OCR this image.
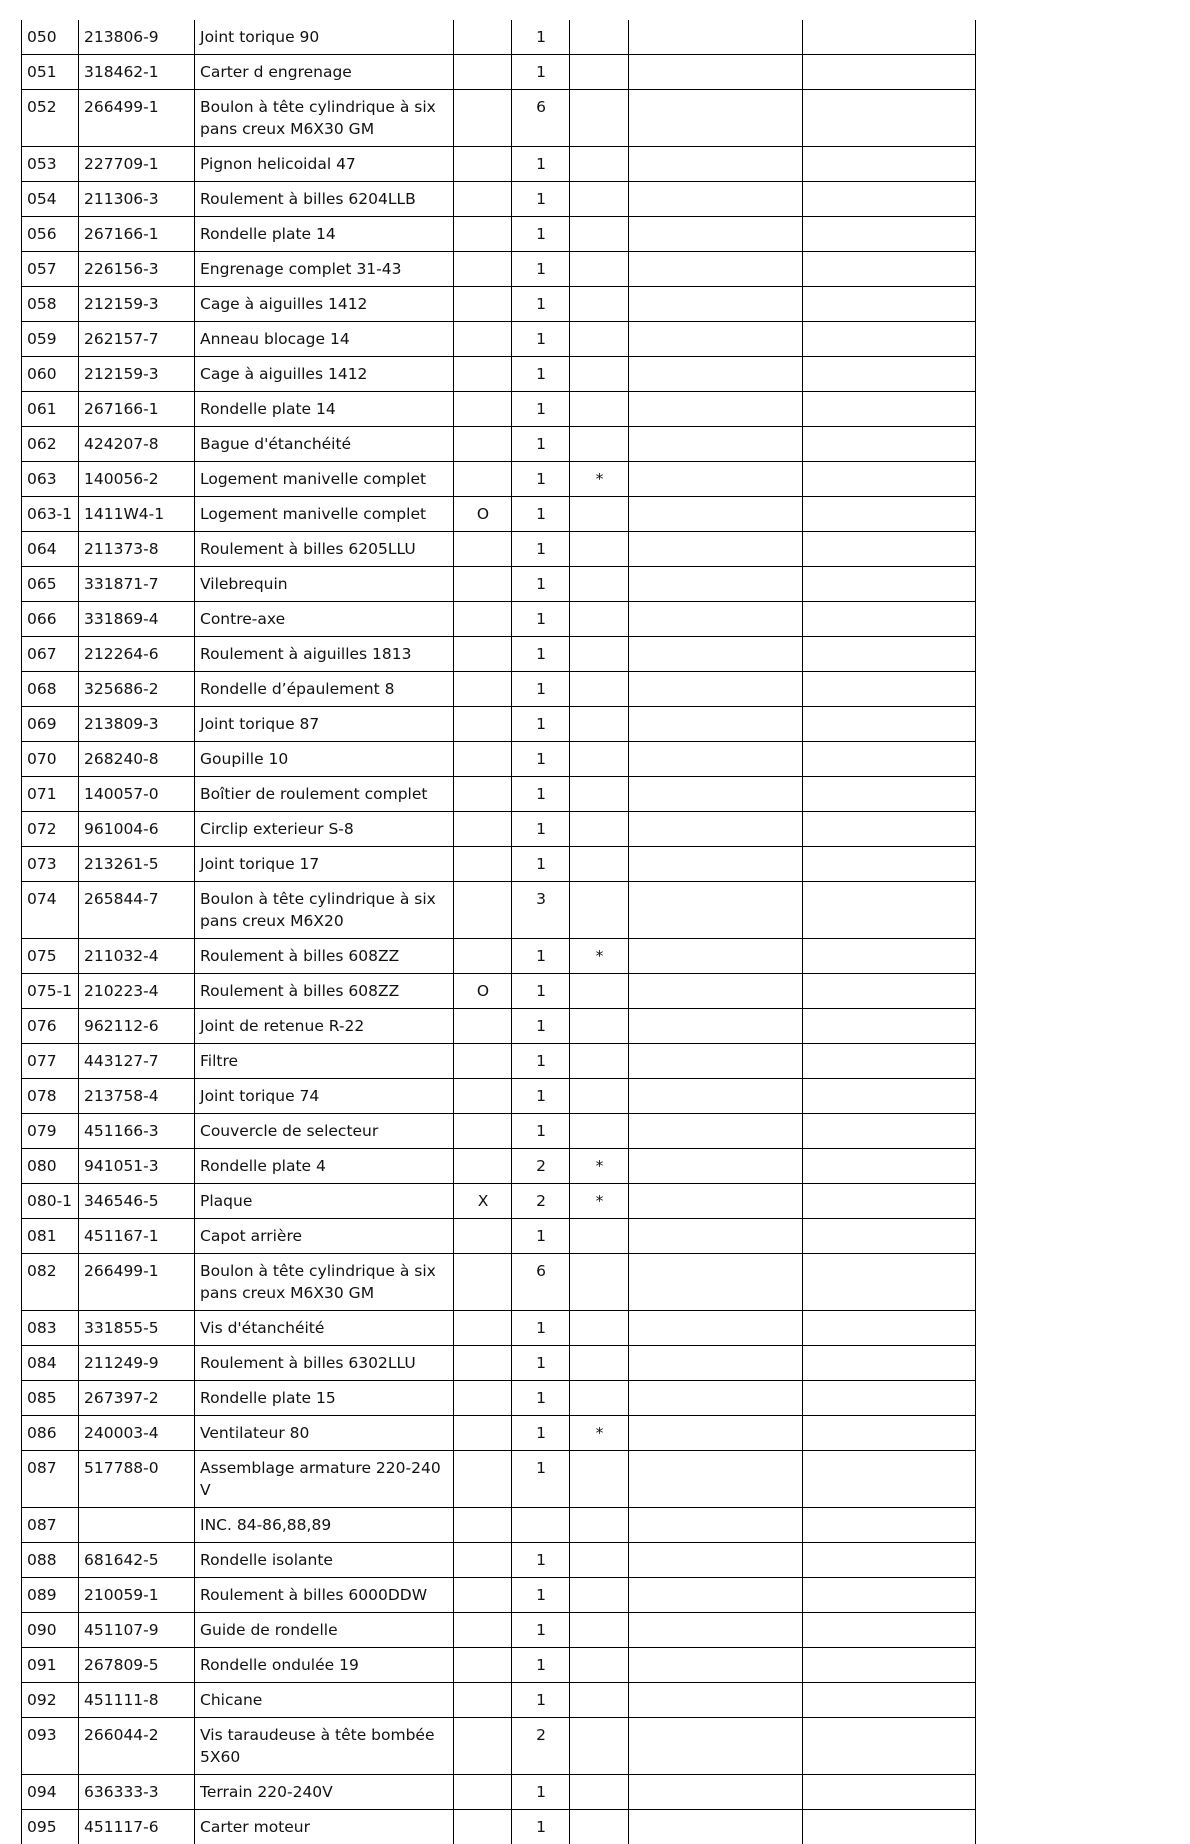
050	213806-9	Joint torique 90		1			
051	318462-1	Carter d engrenage		1			
052	266499-1	Boulon à tête cylindrique à six pans creux M6X30 GM		6			
053	227709-1	Pignon helicoidal 47		1			
054	211306-3	Roulement à billes 6204LLB		1			
056	267166-1	Rondelle plate 14		1			
057	226156-3	Engrenage complet 31-43		1			
058	212159-3	Cage à aiguilles 1412		1			
059	262157-7	Anneau blocage 14		1			
060	212159-3	Cage à aiguilles 1412		1			
061	267166-1	Rondelle plate 14		1			
062	424207-8	Bague d'étanchéité		1			
063	140056-2	Logement manivelle complet		1	*		
063-1	1411W4-1	Logement manivelle complet	O	1			
064	211373-8	Roulement à billes 6205LLU		1			
065	331871-7	Vilebrequin		1			
066	331869-4	Contre-axe		1			
067	212264-6	Roulement à aiguilles 1813		1			
068	325686-2	Rondelle d’épaulement 8		1			
069	213809-3	Joint torique 87		1			
070	268240-8	Goupille 10		1			
071	140057-0	Boîtier de roulement complet		1			
072	961004-6	Circlip exterieur S-8		1			
073	213261-5	Joint torique 17		1			
074	265844-7	Boulon à tête cylindrique à six pans creux M6X20		3			
075	211032-4	Roulement à billes 608ZZ		1	*		
075-1	210223-4	Roulement à billes 608ZZ	O	1			
076	962112-6	Joint de retenue R-22		1			
077	443127-7	Filtre		1			
078	213758-4	Joint torique 74		1			
079	451166-3	Couvercle de selecteur		1			
080	941051-3	Rondelle plate 4		2	*		
080-1	346546-5	Plaque	X	2	*		
081	451167-1	Capot arrière		1			
082	266499-1	Boulon à tête cylindrique à six pans creux M6X30 GM		6			
083	331855-5	Vis d'étanchéité		1			
084	211249-9	Roulement à billes 6302LLU		1			
085	267397-2	Rondelle plate 15		1			
086	240003-4	Ventilateur 80		1	*		
087	517788-0	Assemblage armature 220-240V		1			
087		INC. 84-86,88,89					
088	681642-5	Rondelle isolante		1			
089	210059-1	Roulement à billes 6000DDW		1			
090	451107-9	Guide de rondelle		1			
091	267809-5	Rondelle ondulée 19		1			
092	451111-8	Chicane		1			
093	266044-2	Vis taraudeuse à tête bombée 5X60		2			
094	636333-3	Terrain 220-240V		1			
095	451117-6	Carter moteur		1			
